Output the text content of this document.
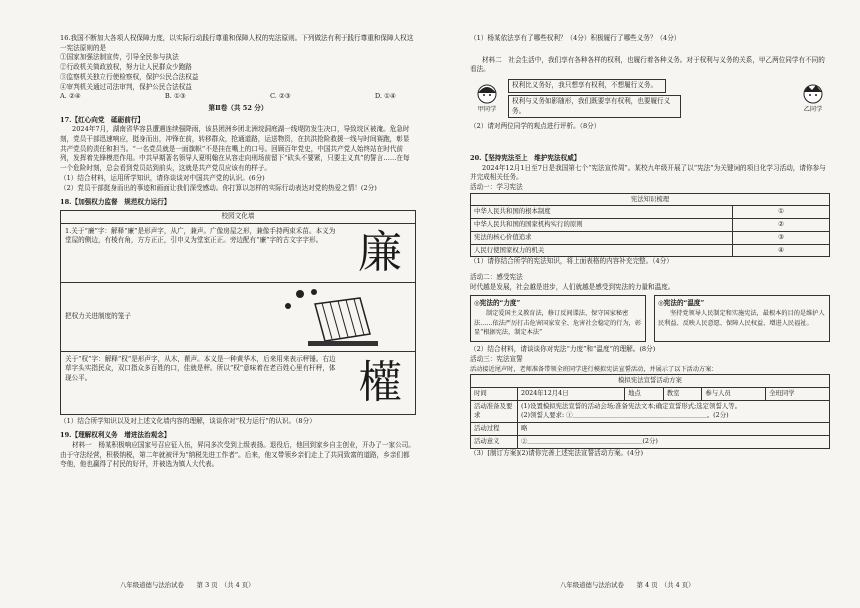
16.我国不断加大各项人权保障力度，以实际行动践行尊重和保障人权的宪法原则。下列做法有利于践行尊重和保障人权这一宪法原则的是

①国家加强法制宣传，引导全民参与执法

②行政机关简政放权，努力让人民群众少跑路

③监察机关独立行使检察权，保护公民合法权益

④审判机关通过司法审判，保护公民合法权益

A. ②④	B. ①③	C. ②③	D. ①④

第Ⅱ卷（共 52 分）

17.【红心向党　砥砺前行】

2024年7月，湖南省华容县遭遇连续强降雨，该县团洲乡团北洲垸洞庭湖一线堤防发生决口，导致垸区被淹。危急时刻，党员干部迅速响应，挺身而出，冲锋在前，转移群众，抢通道路，运送物资，在抗洪抢险救援一线与时间赛跑，彰显共产党员的责任和担当。“一名党员就是一面旗帜”不是挂在嘴上的口号。回顾百年党史，中国共产党人始终站在时代前列，发挥着先锋模范作用。中共早期著名领导人夏明翰在从容走向刑场前留下“砍头不要紧，只要主义真”的誓言……在每一个危险时刻，总会看到党员站到前头，这就是共产党员应该有的样子。

（1）结合材料，运用所学知识，请你谈谈对中国共产党的认识。(6分)

（2）党员干部挺身而出的事迹和画面让我们深受感动。你打算以怎样的实际行动表达对党的热爱之情！(2分)

18.【加强权力监督　规范权力运行】

校园文化墙
1.关于“廉”字：解释“廉”是形声字，从广，兼声。广像房屋之形，兼像手持两束禾苗。本义为堂屋的侧边，有棱有角，方方正正，引申义为堂室正正。旁边配有“廉”字的古文字字形。 廉
把权力关进制度的笼子
关于“权”字：解释“权”是形声字，从木，雚声。本义是一种黄华木，后来用来表示秤锤。右边草字头实指民众，双口指众多百姓的口，佳就是秤。所以“权”意味着在老百姓心里有杆秤，体现公平。	權

（1）结合所学知识以及对上述文化墙内容的理解，谈谈你对“权力运行”的认识。（8分）

19.【理解权利义务　增进法治观念】

材料一　杨某积极响应国家号召应征入伍，昇同多次受到上级表扬。退役后，他回到家乡自主创业，开办了一家公司。由于守法经营，积极纳税，第二年就被评为“纳税先进工作者”。后来，他又带领乡亲们走上了共同致富的道路，乡亲们都夸他，他也赢得了村民的好评，并被选为镇人大代表。

（1）杨某依法享有了哪些权利？（4分）积极履行了哪些义务？（4分）

材料二　社会生活中，我们享有各种各样的权利，也履行着各种义务。对于权利与义务的关系，甲乙两位同学有不同的看法。

甲同学
权利比义务好，我只想享有权利，不想履行义务。
权利与义务如影随形，我们既要享有权利，也要履行义务。	乙同学

（2）请对两位同学的观点进行评析。（8分）

20.【坚持宪法至上　维护宪法权威】

2024年12月1日至7日是我国第七个“宪法宣传周”。某校九年级开展了以“宪法”为关键词的项目化学习活动，请你参与并完成相关任务。

活动一：学习宪法

宪法知识梳理	
中华人民共和国的根本制度	①
中华人民共和国的国家机构实行的原则	②
宪法的核心价值追求	③
人民行使国家权力的机关	④

（1）请你结合所学的宪法知识，将上面表格的内容补充完整。（4分）

活动二：感受宪法

时代越是发展，社会越是进步，人们就越是感受到宪法的力量和温度。

◎宪法的“力度”
制定爱国主义教育法，修订反间谍法、保守国家秘密法……依法严厉打击危害国家安全、危害社会稳定的行为，彰显“根据宪法，制定本法”
◎宪法的“温度”
坚持党领导人民制定和实施宪法，最根本的目的是维护人民利益、反映人民意愿、保障人民权益、增进人民福祉。

（2）结合材料，请谈谈你对宪法“力度”和“温度”的理解。(8分)

活动三：宪法宣誓

活动接近尾声时，老师准备带领全班同学进行模拟宪法宣誓活动，并展示了以下活动方案：

模拟宪法宣誓活动方案					
时间	2024年12月4日	地点	教室	参与人员	全班同学
活动准备及要求	(1)设置模拟宪法宣誓的活动会场;准备宪法文本;确定宣誓形式;选定领誓人等。
(2)领誓人要求: ①＿＿＿＿＿＿＿＿＿＿＿＿＿＿＿＿＿＿＿＿＿。(2分)				

活动过程	略				
活动意义	②＿＿＿＿＿＿＿＿＿＿＿＿＿＿＿＿＿＿(2分)				

（3）[制订方案](2)请你完善上述宪法宣誓活动方案。(4分)

八年级道德与法治试卷　　第 3 页　（共 4 页）	八年级道德与法治试卷　　第 4 页　（共 4 页）
